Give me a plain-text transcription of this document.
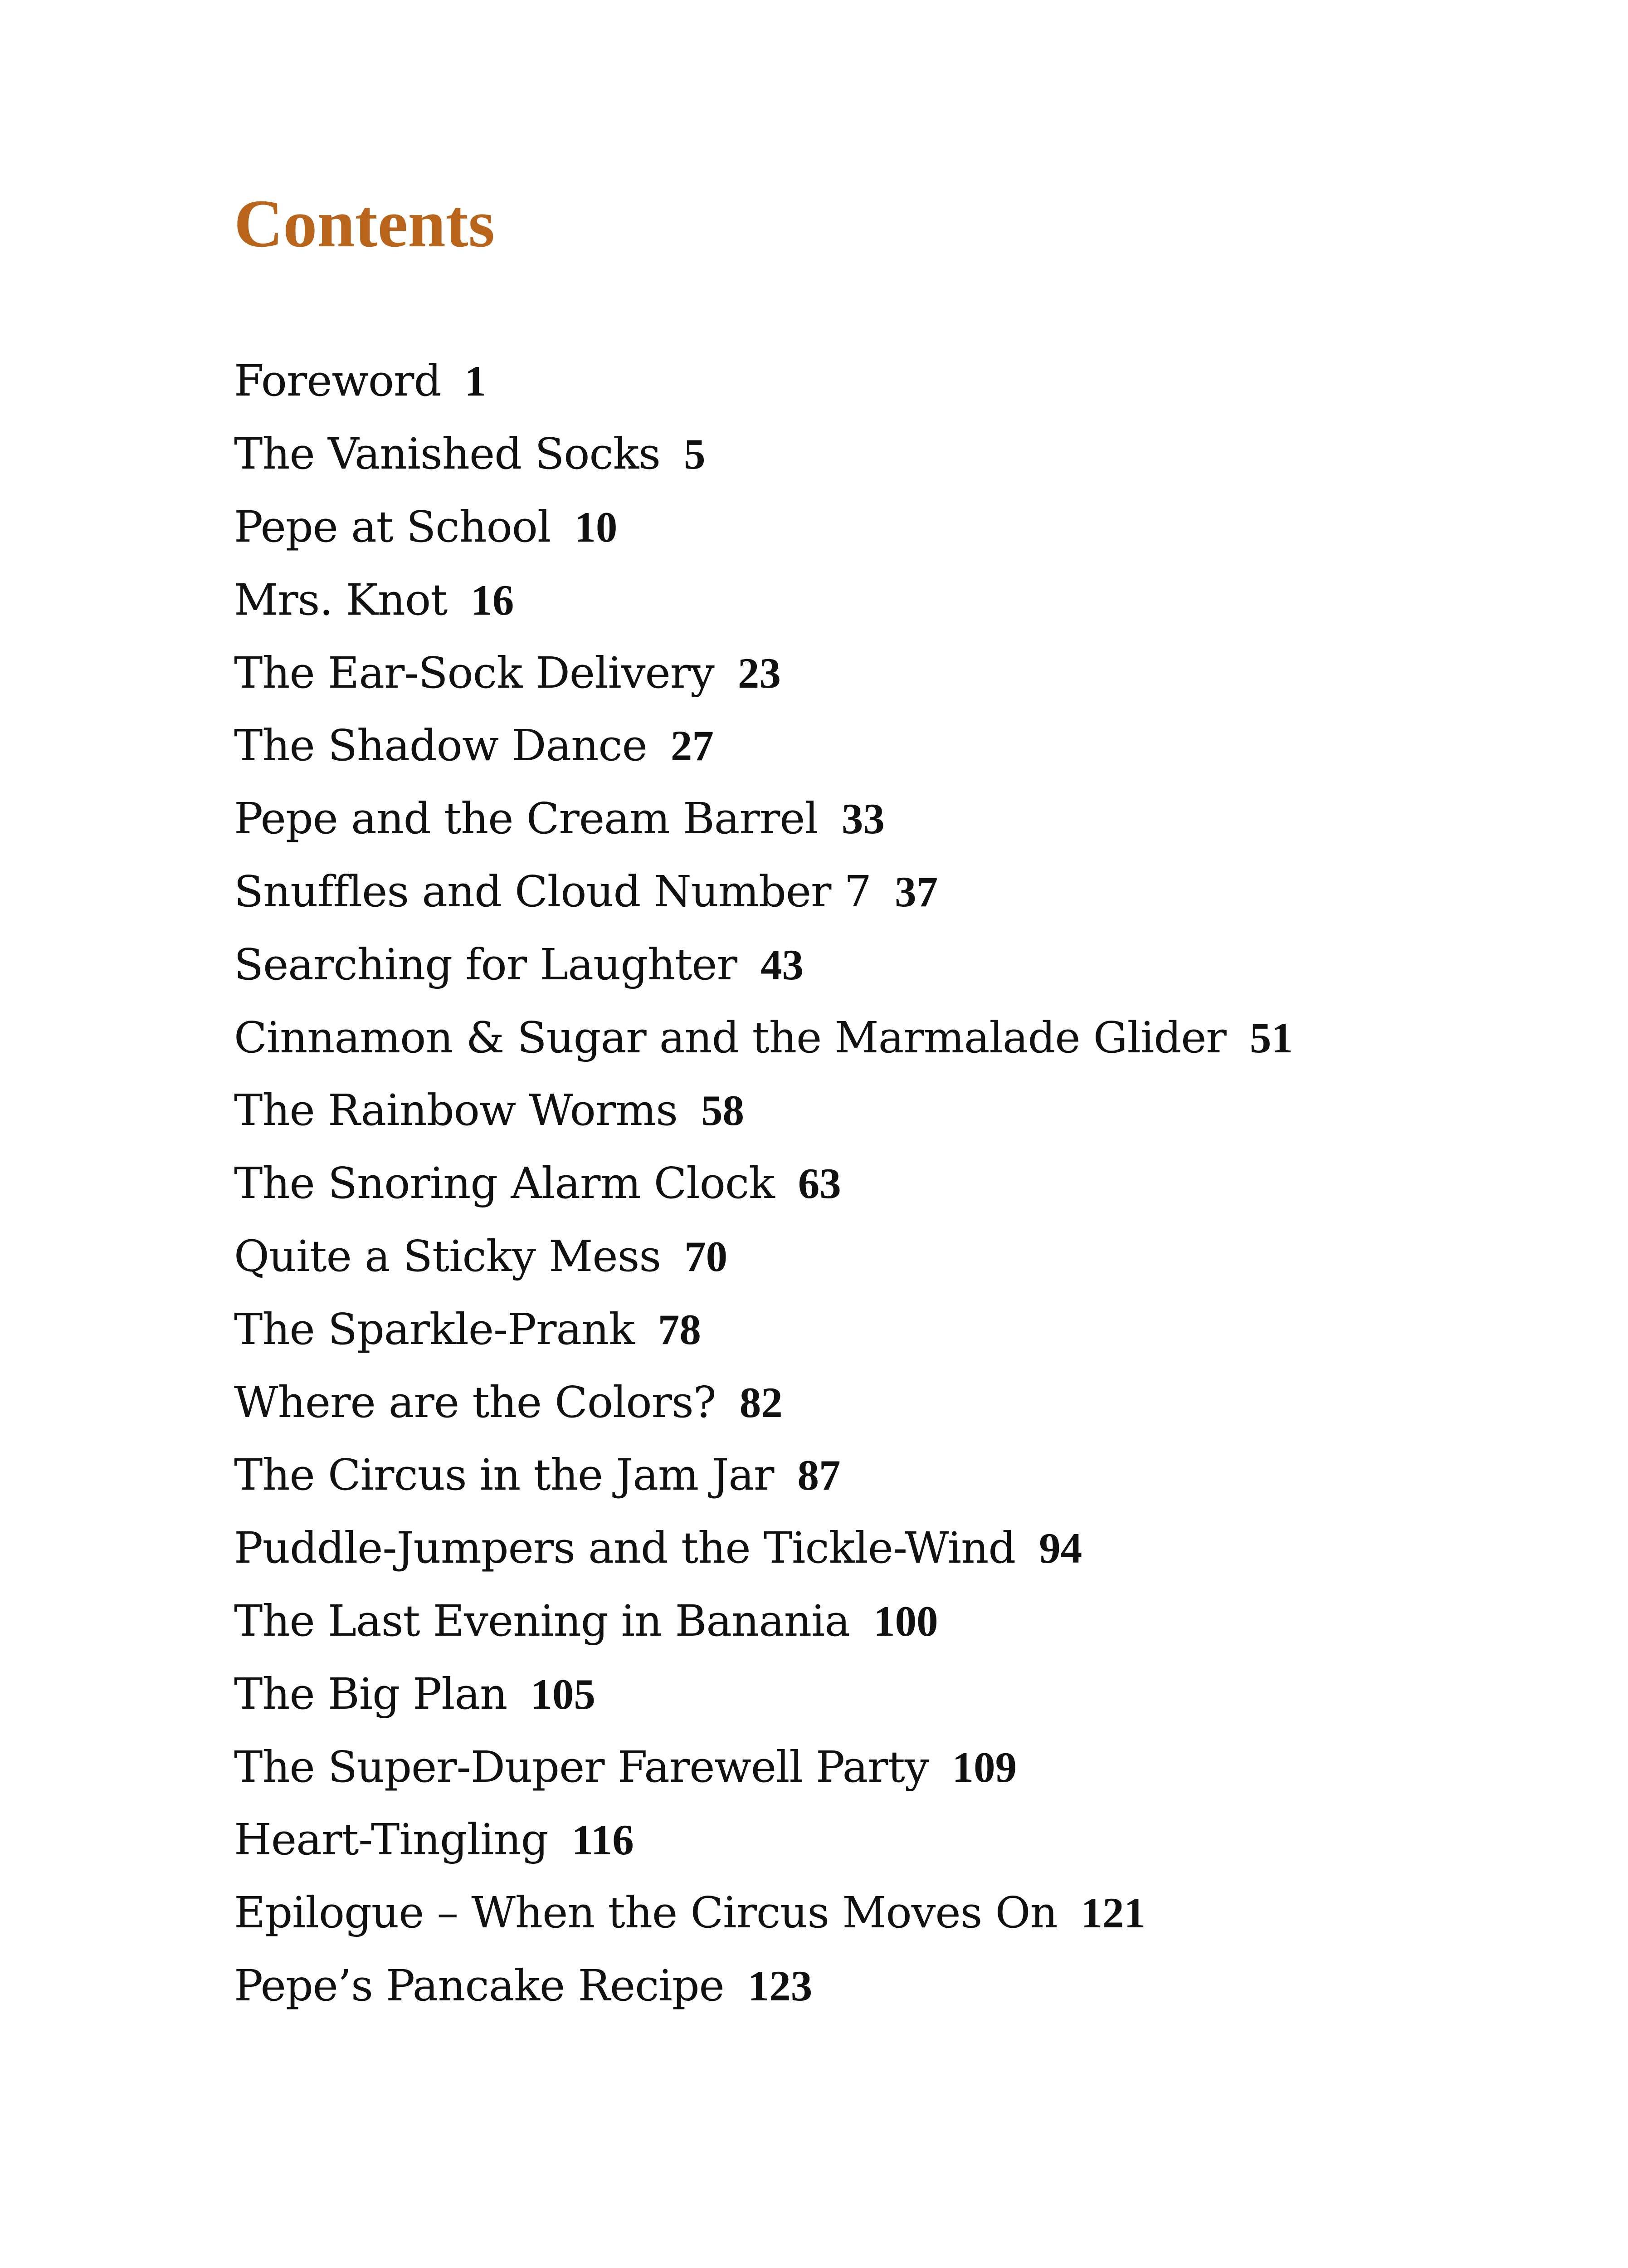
Contents
Foreword 1
The Vanished Socks 5
Pepe at School 10
Mrs. Knot 16
The Ear-Sock Delivery 23
The Shadow Dance 27
Pepe and the Cream Barrel 33
Snuffles and Cloud Number 7 37
Searching for Laughter 43
Cinnamon & Sugar and the Marmalade Glider 51
The Rainbow Worms 58
The Snoring Alarm Clock 63
Quite a Sticky Mess 70
The Sparkle-Prank 78
Where are the Colors? 82
The Circus in the Jam Jar 87
Puddle-Jumpers and the Tickle-Wind 94
The Last Evening in Banania 100
The Big Plan 105
The Super-Duper Farewell Party 109
Heart-Tingling 116
Epilogue – When the Circus Moves On 121
Pepe’s Pancake Recipe 123
